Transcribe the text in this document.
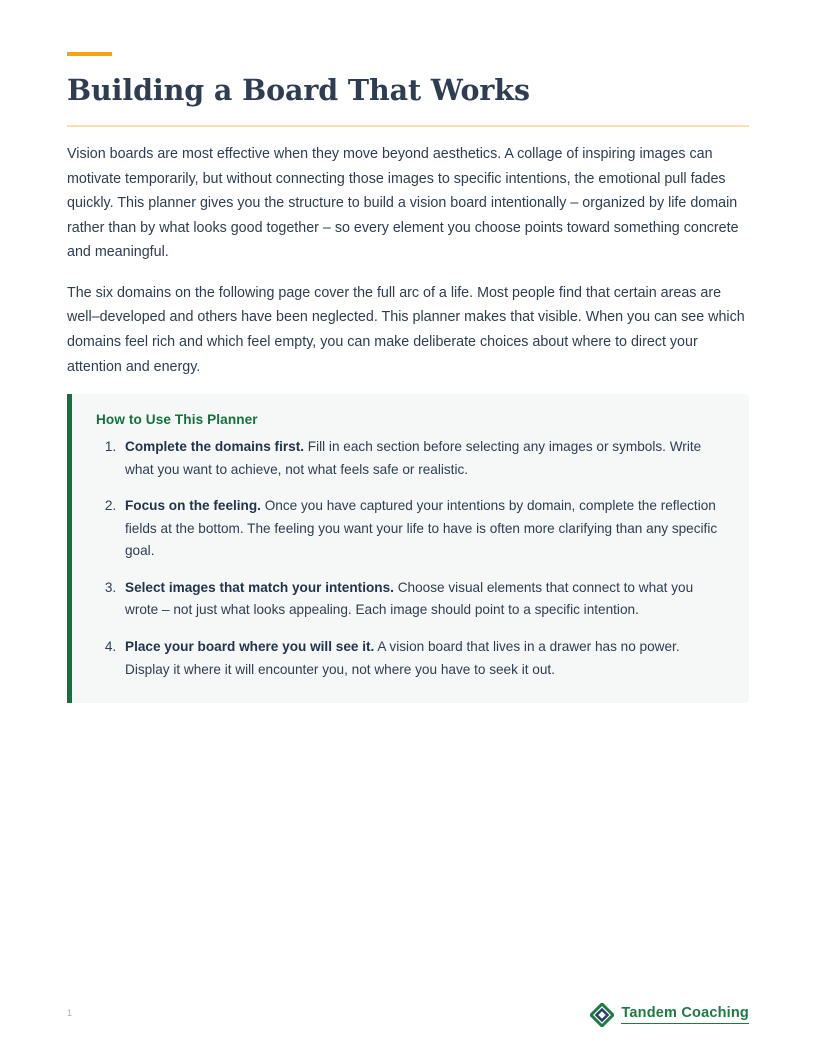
Building a Board That Works

Vision boards are most effective when they move beyond aesthetics. A collage of inspiring images can motivate temporarily, but without connecting those images to specific intentions, the emotional pull fades quickly. This planner gives you the structure to build a vision board intentionally – organized by life domain rather than by what looks good together – so every element you choose points toward something concrete and meaningful.

The six domains on the following page cover the full arc of a life. Most people find that certain areas are well–developed and others have been neglected. This planner makes that visible. When you can see which domains feel rich and which feel empty, you can make deliberate choices about where to direct your attention and energy.

How to Use This Planner
1. Complete the domains first. Fill in each section before selecting any images or symbols. Write what you want to achieve, not what feels safe or realistic.
2. Focus on the feeling. Once you have captured your intentions by domain, complete the reflection fields at the bottom. The feeling you want your life to have is often more clarifying than any specific goal.
3. Select images that match your intentions. Choose visual elements that connect to what you wrote – not just what looks appealing. Each image should point to a specific intention.
4. Place your board where you will see it. A vision board that lives in a drawer has no power. Display it where it will encounter you, not where you have to seek it out.
1	Tandem Coaching
